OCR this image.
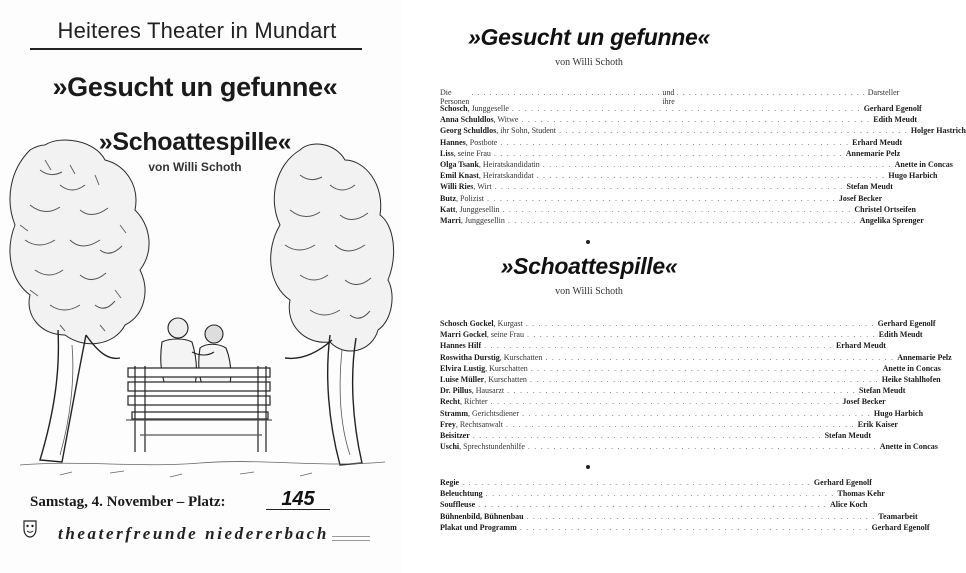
Heiteres Theater in Mundart
»Gesucht un gefunne«
»Schoattespille«
von Willi Schoth
Samstag, 4. November – Platz:	145
theaterfreunde niedererbach
»Gesucht un gefunne«
von Willi Schoth
Die Personen
. . . . . . . . . . . . . . . . . . . . . . . . . . . . . . . . und ihre
. . . . . . . . . . . . . . . . . . . . . . . . . . . . . . . . Darsteller
Schosch , Junggeselle . . . . . . . . . . . . . . . . . . . . . . . . . . . . . . . . . . . . . . . . . . . . . . . . . . . . . . . Gerhard Egenolf
Anna Schuldlos , Witwe . . . . . . . . . . . . . . . . . . . . . . . . . . . . . . . . . . . . . . . . . . . . . . . . . . . . . . . Edith Meudt
Georg Schuldlos , ihr Sohn, Student . . . . . . . . . . . . . . . . . . . . . . . . . . . . . . . . . . . . . . . . . . . . . . . . . . . . . . . Holger Hastrich
Hannes , Postbote . . . . . . . . . . . . . . . . . . . . . . . . . . . . . . . . . . . . . . . . . . . . . . . . . . . . . . . Erhard Meudt
Liss , seine Frau . . . . . . . . . . . . . . . . . . . . . . . . . . . . . . . . . . . . . . . . . . . . . . . . . . . . . . . Annemarie Pelz
Olga Tsank , Heiratskandidatin . . . . . . . . . . . . . . . . . . . . . . . . . . . . . . . . . . . . . . . . . . . . . . . . . . . . . . . Anette in Concas
Emil Knast , Heiratskandidat . . . . . . . . . . . . . . . . . . . . . . . . . . . . . . . . . . . . . . . . . . . . . . . . . . . . . . . Hugo Harbich
Willi Ries , Wirt . . . . . . . . . . . . . . . . . . . . . . . . . . . . . . . . . . . . . . . . . . . . . . . . . . . . . . . Stefan Meudt
Butz , Polizist . . . . . . . . . . . . . . . . . . . . . . . . . . . . . . . . . . . . . . . . . . . . . . . . . . . . . . . Josef Becker
Katt , Junggesellin . . . . . . . . . . . . . . . . . . . . . . . . . . . . . . . . . . . . . . . . . . . . . . . . . . . . . . . Christel Ortseifen
Marri , Junggesellin . . . . . . . . . . . . . . . . . . . . . . . . . . . . . . . . . . . . . . . . . . . . . . . . . . . . . . . Angelika Sprenger
»Schoattespille«
von Willi Schoth
Schosch Gockel , Kurgast . . . . . . . . . . . . . . . . . . . . . . . . . . . . . . . . . . . . . . . . . . . . . . . . . . . . . . . Gerhard Egenolf
Marri Gockel , seine Frau . . . . . . . . . . . . . . . . . . . . . . . . . . . . . . . . . . . . . . . . . . . . . . . . . . . . . . . Edith Meudt
Hannes Hilf . . . . . . . . . . . . . . . . . . . . . . . . . . . . . . . . . . . . . . . . . . . . . . . . . . . . . . . Erhard Meudt
Roswitha Durstig , Kurschatten . . . . . . . . . . . . . . . . . . . . . . . . . . . . . . . . . . . . . . . . . . . . . . . . . . . . . . . Annemarie Pelz
Elvira Lustig , Kurschatten . . . . . . . . . . . . . . . . . . . . . . . . . . . . . . . . . . . . . . . . . . . . . . . . . . . . . . . Anette in Concas
Luise Müller , Kurschatten . . . . . . . . . . . . . . . . . . . . . . . . . . . . . . . . . . . . . . . . . . . . . . . . . . . . . . . Heike Stahlhofen
Dr. Pillus , Hausarzt . . . . . . . . . . . . . . . . . . . . . . . . . . . . . . . . . . . . . . . . . . . . . . . . . . . . . . . Stefan Meudt
Recht , Richter . . . . . . . . . . . . . . . . . . . . . . . . . . . . . . . . . . . . . . . . . . . . . . . . . . . . . . . Josef Becker
Stramm , Gerichtsdiener . . . . . . . . . . . . . . . . . . . . . . . . . . . . . . . . . . . . . . . . . . . . . . . . . . . . . . . Hugo Harbich
Frey , Rechtsanwalt . . . . . . . . . . . . . . . . . . . . . . . . . . . . . . . . . . . . . . . . . . . . . . . . . . . . . . . Erik Kaiser
Beisitzer . . . . . . . . . . . . . . . . . . . . . . . . . . . . . . . . . . . . . . . . . . . . . . . . . . . . . . . Stefan Meudt
Uschi , Sprechstundenhilfe . . . . . . . . . . . . . . . . . . . . . . . . . . . . . . . . . . . . . . . . . . . . . . . . . . . . . . . Anette in Concas
Regie . . . . . . . . . . . . . . . . . . . . . . . . . . . . . . . . . . . . . . . . . . . . . . . . . . . . . . . Gerhard Egenolf
Beleuchtung . . . . . . . . . . . . . . . . . . . . . . . . . . . . . . . . . . . . . . . . . . . . . . . . . . . . . . . Thomas Kehr
Souffleuse . . . . . . . . . . . . . . . . . . . . . . . . . . . . . . . . . . . . . . . . . . . . . . . . . . . . . . . Alice Koch
Bühnenbild, Bühnenbau . . . . . . . . . . . . . . . . . . . . . . . . . . . . . . . . . . . . . . . . . . . . . . . . . . . . . . . Teamarbeit
Plakat und Programm . . . . . . . . . . . . . . . . . . . . . . . . . . . . . . . . . . . . . . . . . . . . . . . . . . . . . . . Gerhard Egenolf
